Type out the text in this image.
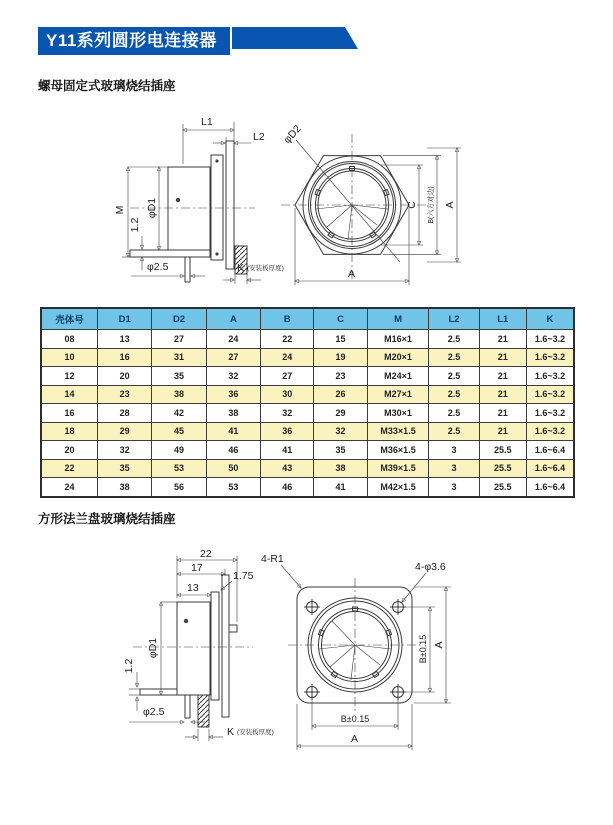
Y11系列圆形电连接器
螺母固定式玻璃烧结插座
L1
L2
M φD1
1.2
φ2.5	K (安装板厚度)
φD2
C B(六方对边) A
A
壳体号	D1	D2	A	B	C	M	L2	L1	K
08	13	27	24	22	15	M16×1	2.5	21	1.6~3.2
10	16	31	27	24	19	M20×1	2.5	21	1.6~3.2
12	20	35	32	27	23	M24×1	2.5	21	1.6~3.2
14	23	38	36	30	26	M27×1	2.5	21	1.6~3.2
16	28	42	38	32	29	M30×1	2.5	21	1.6~3.2
18	29	45	41	36	32	M33×1.5	2.5	21	1.6~3.2
20	32	49	46	41	35	M36×1.5	3	25.5	1.6~6.4
22	35	53	50	43	38	M39×1.5	3	25.5	1.6~6.4
24	38	56	53	46	41	M42×1.5	3	25.5	1.6~6.4
方形法兰盘玻璃烧结插座
22
17
13
1.75
4-R1
φD1
1.2
φ2.5
K (安装板厚度)
4-φ3.6
B±0.15 A
B±0.15
A
